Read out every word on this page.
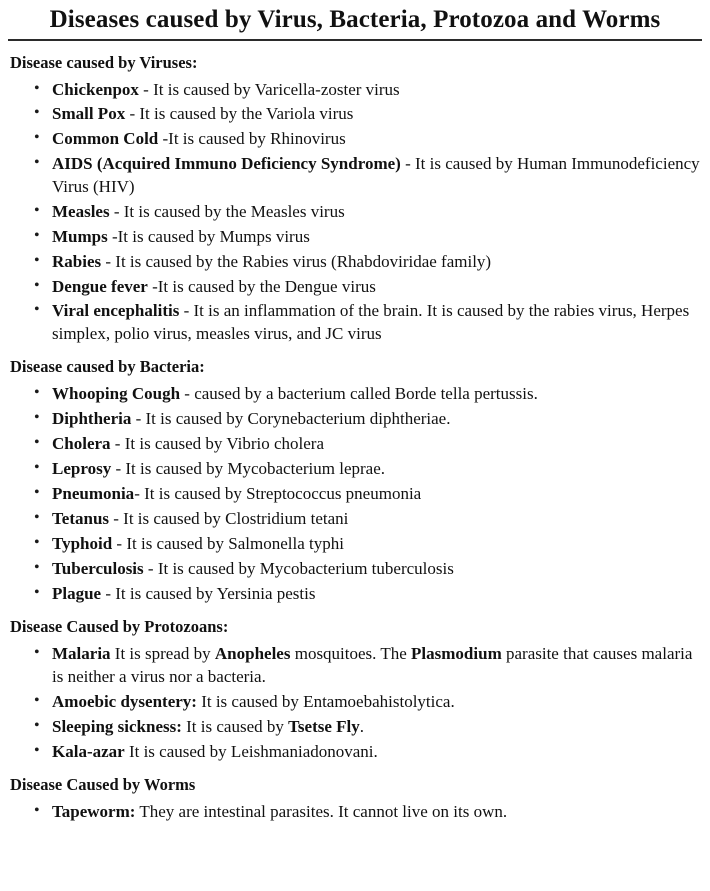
Diseases caused by Virus, Bacteria, Protozoa and Worms
Disease caused by Viruses:
• Chickenpox - It is caused by Varicella-zoster virus
• Small Pox - It is caused by the Variola virus
• Common Cold -It is caused by Rhinovirus
• AIDS (Acquired Immuno Deficiency Syndrome) - It is caused by Human Immunodeficiency Virus (HIV)
• Measles - It is caused by the Measles virus
• Mumps -It is caused by Mumps virus
• Rabies - It is caused by the Rabies virus (Rhabdoviridae family)
• Dengue fever -It is caused by the Dengue virus
• Viral encephalitis - It is an inflammation of the brain. It is caused by the rabies virus, Herpes simplex, polio virus, measles virus, and JC virus
Disease caused by Bacteria:
• Whooping Cough - caused by a bacterium called Borde tella pertussis.
• Diphtheria - It is caused by Corynebacterium diphtheriae.
• Cholera - It is caused by Vibrio cholera
• Leprosy - It is caused by Mycobacterium leprae.
• Pneumonia- It is caused by Streptococcus pneumonia
• Tetanus - It is caused by Clostridium tetani
• Typhoid - It is caused by Salmonella typhi
• Tuberculosis - It is caused by Mycobacterium tuberculosis
• Plague - It is caused by Yersinia pestis
Disease Caused by Protozoans:
• Malaria It is spread by Anopheles mosquitoes. The Plasmodium parasite that causes malaria is neither a virus nor a bacteria.
• Amoebic dysentery: It is caused by Entamoebahistolytica.
• Sleeping sickness: It is caused by Tsetse Fly.
• Kala-azar It is caused by Leishmaniadonovani.
Disease Caused by Worms
• Tapeworm: They are intestinal parasites. It cannot live on its own.
